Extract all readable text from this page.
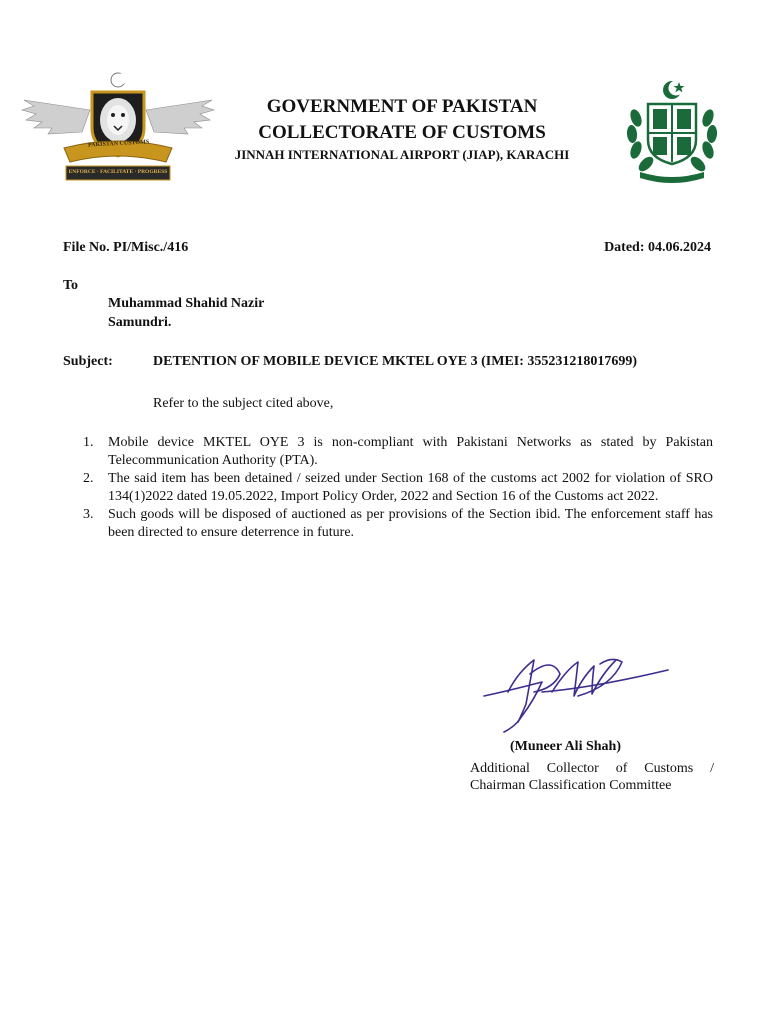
PAKISTAN CUSTOMS
ENFORCE · FACILITATE · PROGRESS
GOVERNMENT OF PAKISTAN
COLLECTORATE OF CUSTOMS
JINNAH INTERNATIONAL AIRPORT (JIAP), KARACHI
File No. PI/Misc./416	Dated: 04.06.2024
To
Muhammad Shahid Nazir
Samundri.
Subject:	DETENTION OF MOBILE DEVICE MKTEL OYE 3 (IMEI: 355231218017699)
Refer to the subject cited above,
1. Mobile device MKTEL OYE 3 is non-compliant with Pakistani Networks as stated by Pakistan Telecommunication Authority (PTA).
2. The said item has been detained / seized under Section 168 of the customs act 2002 for violation of SRO 134(1)2022 dated 19.05.2022, Import Policy Order, 2022 and Section 16 of the Customs act 2022.
3. Such goods will be disposed of auctioned as per provisions of the Section ibid. The enforcement staff has been directed to ensure deterrence in future.
(Muneer Ali Shah)
Additional Collector of Customs /
Chairman Classification Committee
